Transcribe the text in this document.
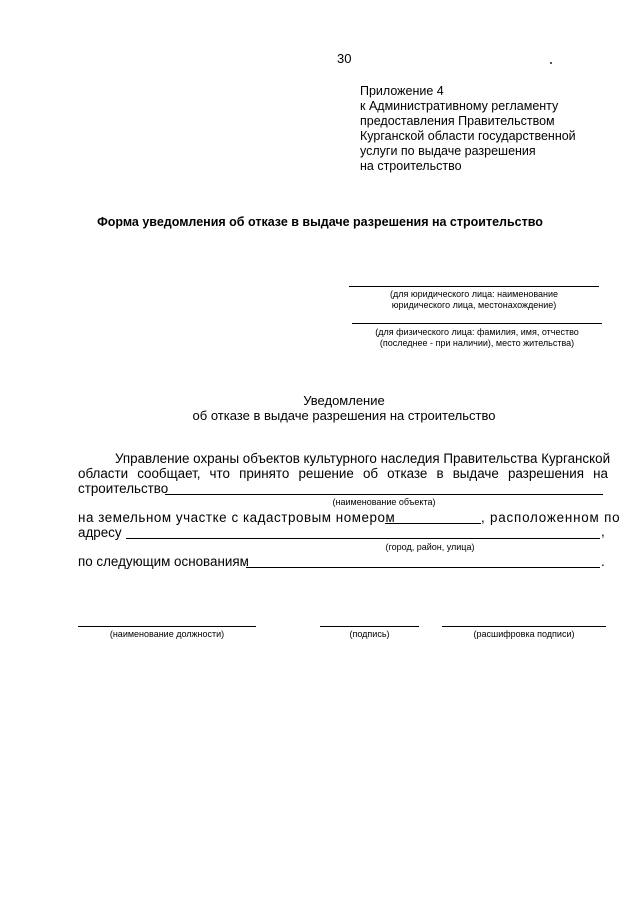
30
Приложение 4
к Административному регламенту
предоставления Правительством
Курганской области государственной
услуги по выдаче разрешения
на строительство
Форма уведомления об отказе в выдаче разрешения на строительство
(для юридического лица: наименование
юридического лица, местонахождение)
(для физического лица: фамилия, имя, отчество
(последнее - при наличии), место жительства)
Уведомление
об отказе в выдаче разрешения на строительство
Управление охраны объектов культурного наследия Правительства Курганской
области сообщает, что принято решение об отказе в выдаче разрешения на
строительство
(наименование объекта)
на земельном участке с кадастровым номером	, расположенном по
адресу	,
(город, район, улица)
по следующим основаниям	.
(наименование должности)	(подпись)	(расшифровка подписи)
